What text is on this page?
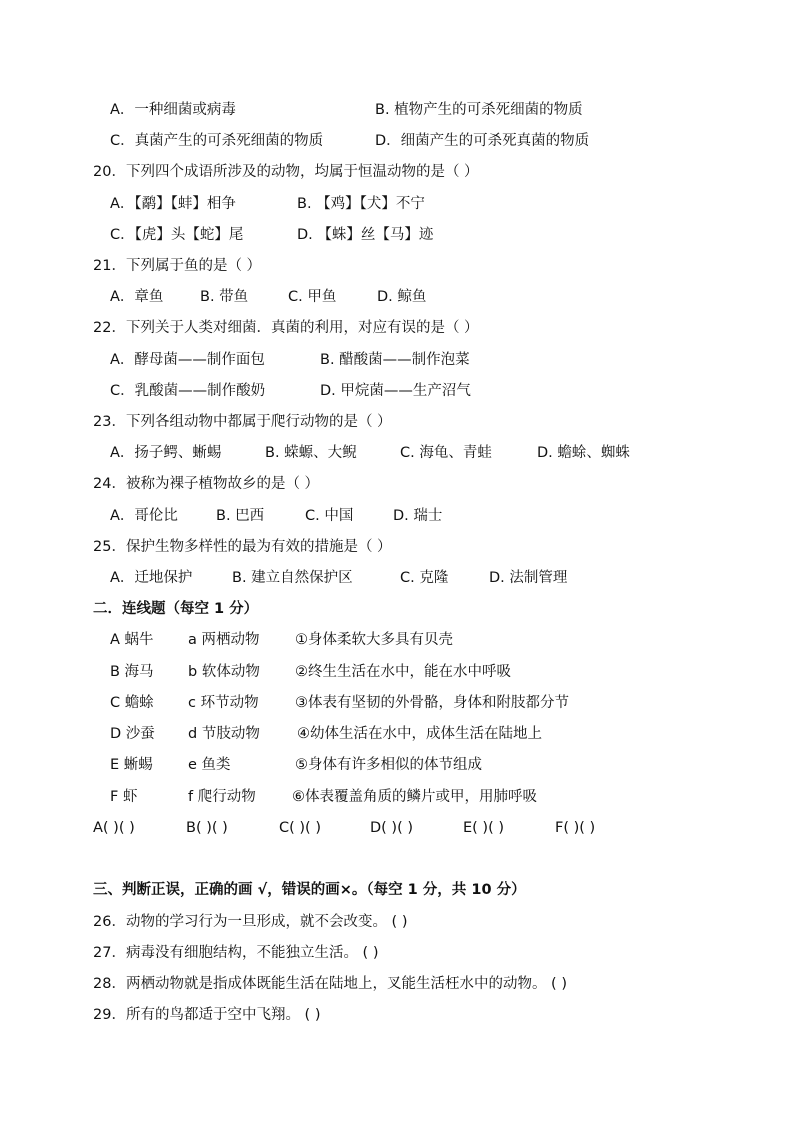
A．一种细菌或病毒	B. 植物产生的可杀死细菌的物质
C．真菌产生的可杀死细菌的物质	D．细菌产生的可杀死真菌的物质
20．下列四个成语所涉及的动物，均属于恒温动物的是（ ）
A．【鹬】【蚌】相争	B. 【鸡】【犬】不宁
C．【虎】头【蛇】尾	D. 【蛛】丝【马】迹
21．下列属于鱼的是（ ）
A．章鱼	B. 带鱼	C. 甲鱼	D. 鲸鱼
22．下列关于人类对细菌．真菌的利用，对应有误的是（ ）
A．酵母菌——制作面包	B. 醋酸菌——制作泡菜
C．乳酸菌——制作酸奶	D. 甲烷菌——生产沼气
23．下列各组动物中都属于爬行动物的是（ ）
A．扬子鳄、蜥蜴	B. 蝾螈、大鲵	C. 海龟、青蛙	D. 蟾蜍、蜘蛛
24．被称为裸子植物故乡的是（ ）
A．哥伦比	B. 巴西	C. 中国	D. 瑞士
25．保护生物多样性的最为有效的措施是（ ）
A．迁地保护	B. 建立自然保护区	C. 克隆	D. 法制管理
二．连线题（每空 1 分）
A 蜗牛 a 两栖动物 ①身体柔软大多具有贝壳
B 海马 b 软体动物 ②终生生活在水中，能在水中呼吸
C 蟾蜍 c 环节动物	③体表有坚韧的外骨骼，身体和附肢都分节
D 沙蚕 d 节肢动物	④幼体生活在水中，成体生活在陆地上
E 蜥蜴 e 鱼类	⑤身体有许多相似的体节组成
F 虾	f 爬行动物	⑥体表覆盖角质的鳞片或甲，用肺呼吸
A( )( )	B( )( )	C( )( )	D( )( )	E( )( )	F( )( )
三、判断正误，正确的画 √，错误的画×。（每空 1 分，共 10 分）
26．动物的学习行为一旦形成，就不会改变。 ( )
27．病毒没有细胞结构，不能独立生活。 ( )
28．两栖动物就是指成体既能生活在陆地上，叉能生活枉水中的动物。 ( )
29．所有的鸟都适于空中飞翔。 ( )
